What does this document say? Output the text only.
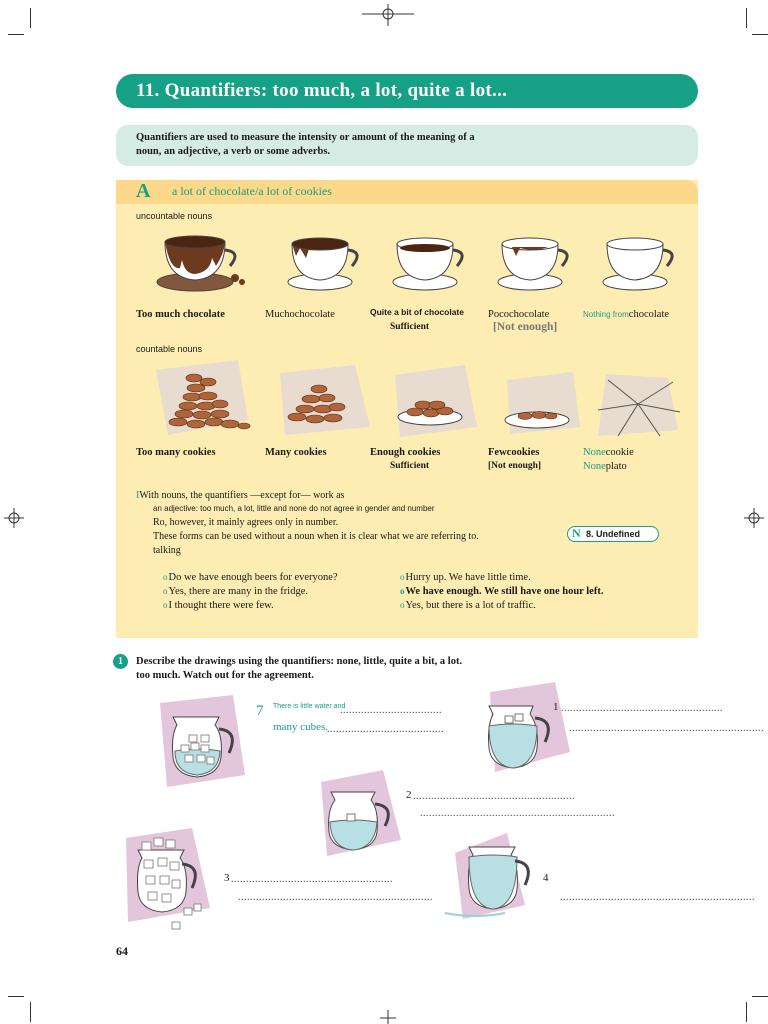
11. Quantifiers: too much, a lot, quite a lot...
Quantifiers are used to measure the intensity or amount of the meaning of a
noun, an adjective, a verb or some adverbs.
A a lot of chocolate/a lot of cookies
uncountable nouns
Too much chocolate	Muchochocolate	Quite a bit of chocolate
Sufficient
Pocochocolate
[Not enough]
Nothing fromchocolate
countable nouns
Too many cookies	Many cookies	Enough cookies
Sufficient
Fewcookies
[Not enough]
Nonecookie
Noneplato
IWith nouns, the quantifiers —except for— work as
an adjective: too much, a lot, little and none do not agree in gender and number
Ro, however, it mainly agrees only in number.
These forms can be used without a noun when it is clear what we are referring to.
talking
N 8. Undefined
oDo we have enough beers for everyone?
oYes, there are many in the fridge.
oI thought there were few.
oHurry up. We have little time.
oWe have enough. We still have one hour left.
oYes, but there is a lot of traffic.
1	Describe the drawings using the quantifiers: none, little, quite a bit, a lot.
too much. Watch out for the agreement.
7 There is little water and
..................................
many cubes. .......................................
1 ......................................................
.................................................................
2 ......................................................
.................................................................
3 ......................................................
.................................................................
4
.................................................................
64
